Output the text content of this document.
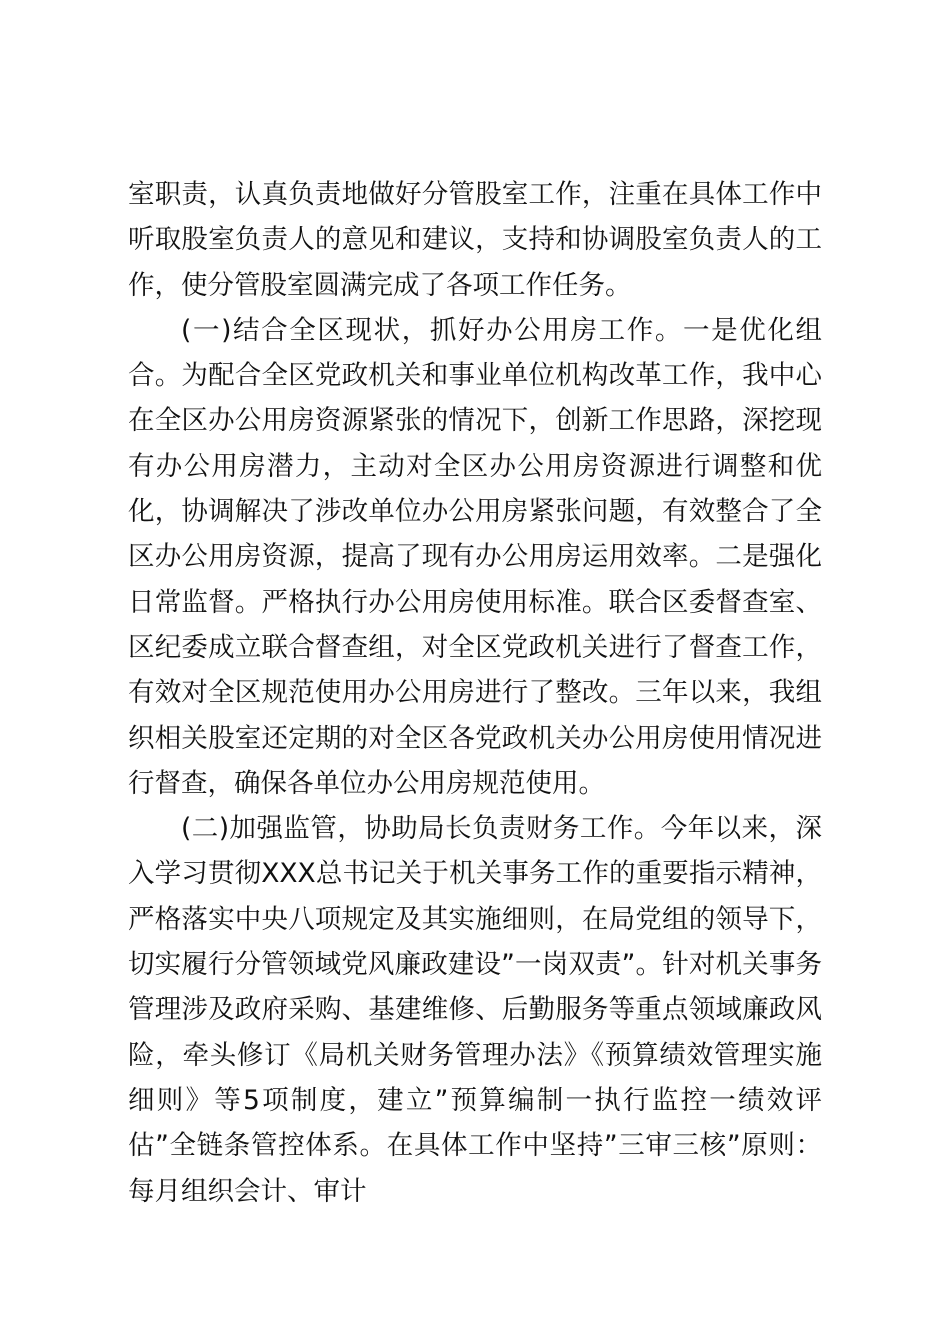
室职责，认真负责地做好分管股室工作，注重在具体工作中听取股室负责人的意见和建议，支持和协调股室负责人的工作，使分管股室圆满完成了各项工作任务。

(一)结合全区现状，抓好办公用房工作。一是优化组合。为配合全区党政机关和事业单位机构改革工作，我中心在全区办公用房资源紧张的情况下，创新工作思路，深挖现有办公用房潜力，主动对全区办公用房资源进行调整和优化，协调解决了涉改单位办公用房紧张问题，有效整合了全区办公用房资源，提高了现有办公用房运用效率。二是强化日常监督。严格执行办公用房使用标准。联合区委督查室、区纪委成立联合督查组，对全区党政机关进行了督查工作，有效对全区规范使用办公用房进行了整改。三年以来，我组织相关股室还定期的对全区各党政机关办公用房使用情况进行督查，确保各单位办公用房规范使用。

(二)加强监管，协助局长负责财务工作。今年以来，深入学习贯彻XXX总书记关于机关事务工作的重要指示精神，严格落实中央八项规定及其实施细则，在局党组的领导下，切实履行分管领域党风廉政建设”一岗双责”。针对机关事务管理涉及政府采购、基建维修、后勤服务等重点领域廉政风险，牵头修订《局机关财务管理办法》《预算绩效管理实施细则》等5项制度，建立”预算编制一执行监控一绩效评估”全链条管控体系。在具体工作中坚持”三审三核”原则：每月组织会计、审计
